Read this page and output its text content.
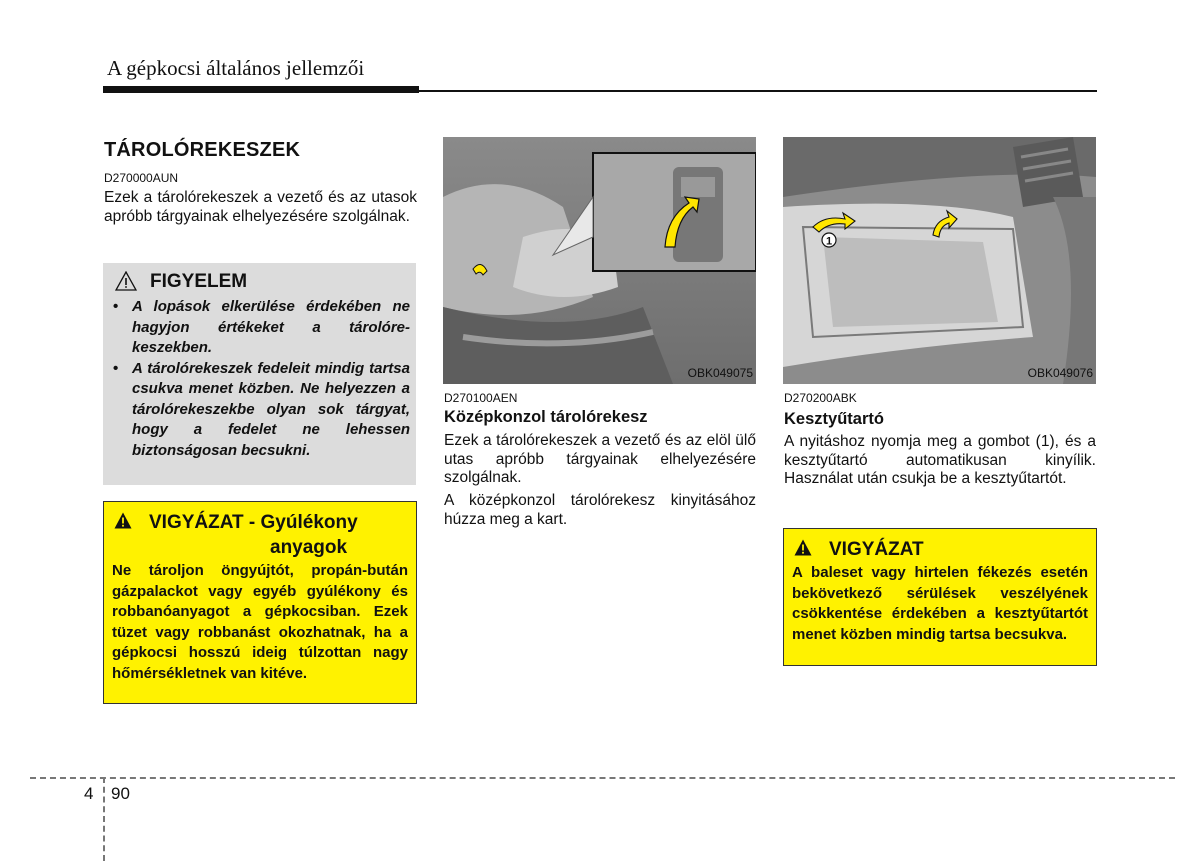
A gépkocsi általános jellemzői
TÁROLÓREKESZEK
D270000AUN
Ezek a tárolórekeszek a vezető és az utasok apróbb tárgyainak elhelyezésére szolgálnak.
FIGYELEM
• A lopások elkerülése érdekében ne hagyjon értékeket a tárolórekeszekben.
• A tárolórekeszek fedeleit mindig tartsa csukva menet közben. Ne helyezzen a tárolórekeszekbe olyan sok tárgyat, hogy a fedelet ne lehessen biztonságosan becsukni.
VIGYÁZAT - Gyúlékony
anyagok
Ne tároljon öngyújtót, propán-bután gázpalackot vagy egyéb gyúlékony és robbanóanyagot a gépkocsiban. Ezek tüzet vagy robbanást okozhatnak, ha a gépkocsi hosszú ideig túlzottan nagy hőmérsékletnek van kitéve.
OBK049075
D270100AEN
Középkonzol tárolórekesz
Ezek a tárolórekeszek a vezető és az elöl ülő utas apróbb tárgyainak elhelyezésére szolgálnak.
A középkonzol tárolórekesz kinyitásához húzza meg a kart.
1
OBK049076
D270200ABK
Kesztyűtartó
A nyitáshoz nyomja meg a gombot (1), és a kesztyűtartó automatikusan kinyílik. Használat után csukja be a kesztyűtartót.
VIGYÁZAT
A baleset vagy hirtelen fékezés esetén bekövetkező sérülések veszélyének csökkentése érdekében a kesztyűtartót menet közben mindig tartsa becsukva.
4 90
